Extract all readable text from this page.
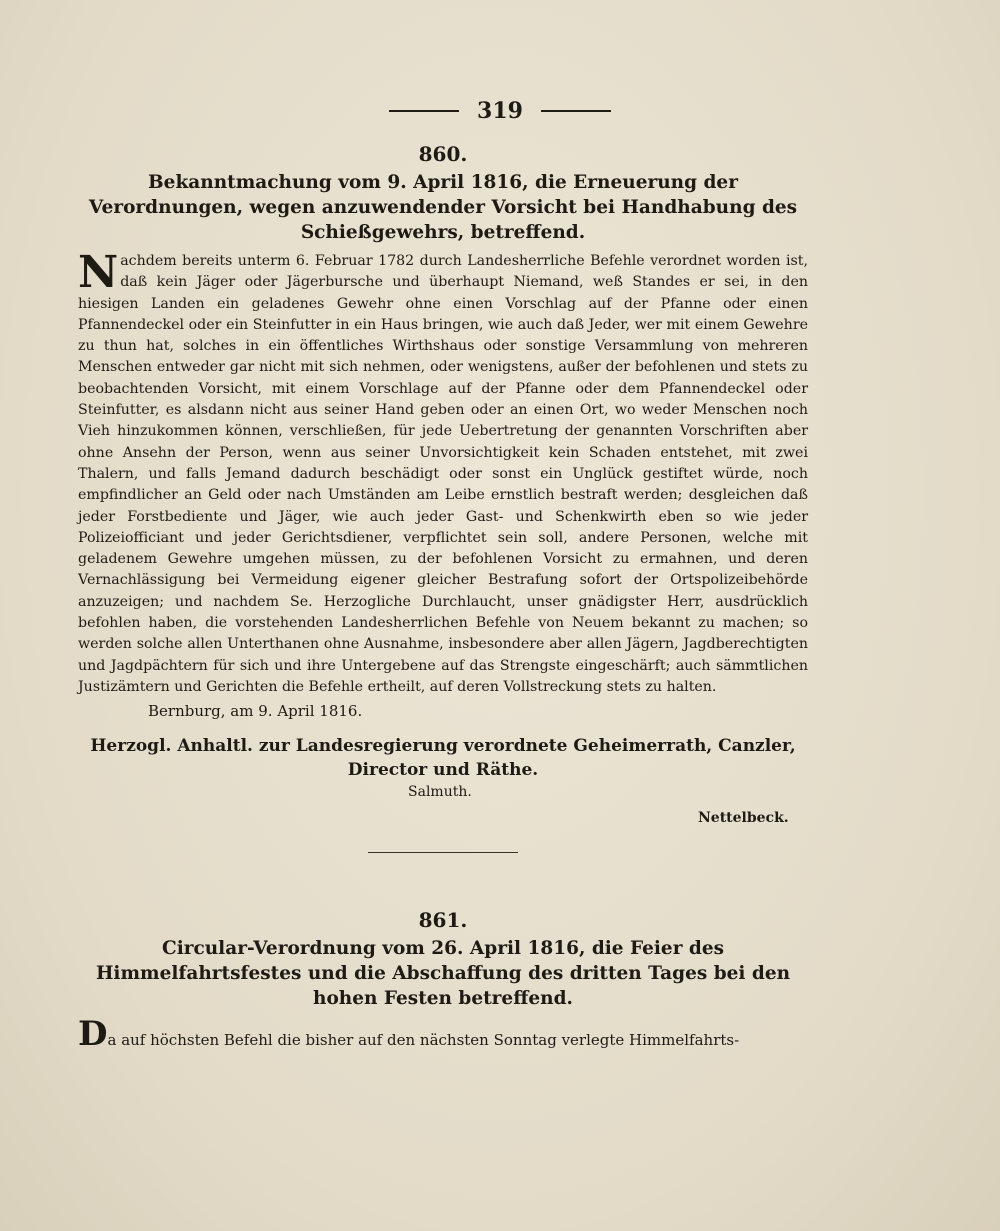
319
860.
Bekanntmachung vom 9. April 1816, die Erneuerung der Verordnungen, wegen anzuwendender Vorsicht bei Handhabung des Schießgewehrs, betreffend.
Nachdem bereits unterm 6. Februar 1782 durch Landesherrliche Befehle verordnet worden ist, daß kein Jäger oder Jägerbursche und überhaupt Niemand, weß Standes er sei, in den hiesigen Landen ein geladenes Gewehr ohne einen Vorschlag auf der Pfanne oder einen Pfannendeckel oder ein Steinfutter in ein Haus bringen, wie auch daß Jeder, wer mit einem Gewehre zu thun hat, solches in ein öffentliches Wirthshaus oder sonstige Versammlung von mehreren Menschen entweder gar nicht mit sich nehmen, oder wenigstens, außer der befohlenen und stets zu beobachtenden Vorsicht, mit einem Vorschlage auf der Pfanne oder dem Pfannendeckel oder Steinfutter, es alsdann nicht aus seiner Hand geben oder an einen Ort, wo weder Menschen noch Vieh hinzukommen können, verschließen, für jede Uebertretung der genannten Vorschriften aber ohne Ansehn der Person, wenn aus seiner Unvorsichtigkeit kein Schaden entstehet, mit zwei Thalern, und falls Jemand dadurch beschädigt oder sonst ein Unglück gestiftet würde, noch empfindlicher an Geld oder nach Umständen am Leibe ernstlich bestraft werden; desgleichen daß jeder Forstbediente und Jäger, wie auch jeder Gast- und Schenkwirth eben so wie jeder Polizeiofficiant und jeder Gerichtsdiener, verpflichtet sein soll, andere Personen, welche mit geladenem Gewehre umgehen müssen, zu der befohlenen Vorsicht zu ermahnen, und deren Vernachlässigung bei Vermeidung eigener gleicher Bestrafung sofort der Ortspolizeibehörde anzuzeigen; und nachdem Se. Herzogliche Durchlaucht, unser gnädigster Herr, ausdrücklich befohlen haben, die vorstehenden Landesherrlichen Befehle von Neuem bekannt zu machen; so werden solche allen Unterthanen ohne Ausnahme, insbesondere aber allen Jägern, Jagdberechtigten und Jagdpächtern für sich und ihre Untergebene auf das Strengste eingeschärft; auch sämmtlichen Justizämtern und Gerichten die Befehle ertheilt, auf deren Vollstreckung stets zu halten.
Bernburg, am 9. April 1816.
Herzogl. Anhaltl. zur Landesregierung verordnete Geheimerrath, Canzler, Director und Räthe.
Salmuth.
Nettelbeck.
861.
Circular-Verordnung vom 26. April 1816, die Feier des Himmelfahrtsfestes und die Abschaffung des dritten Tages bei den hohen Festen betreffend.
Da auf höchsten Befehl die bisher auf den nächsten Sonntag verlegte Himmelfahrts-
